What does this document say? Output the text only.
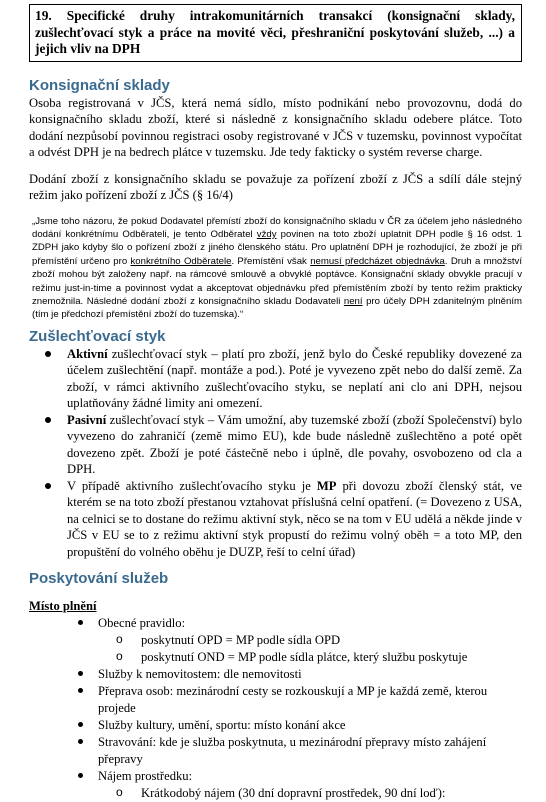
19. Specifické druhy intrakomunitárních transakcí (konsignační sklady, zušlechťovací styk a práce na movité věci, přeshraniční poskytování služeb, ...) a jejich vliv na DPH
Konsignační sklady

Osoba registrovaná v JČS, která nemá sídlo, místo podnikání nebo provozovnu, dodá do konsignačního skladu zboží, které si následně z konsignačního skladu odebere plátce. Toto dodání nezpůsobí povinnou registraci osoby registrované v JČS v tuzemsku, povinnost vypočítat a odvést DPH je na bedrech plátce v tuzemsku. Jde tedy fakticky o systém reverse charge.

Dodání zboží z konsignačního skladu se považuje za pořízení zboží z JČS a sdílí dále stejný režim jako pořízení zboží z JČS (§ 16/4)

„Jsme toho názoru, že pokud Dodavatel přemístí zboží do konsignačního skladu v ČR za účelem jeho následného dodání konkrétnímu Odběrateli, je tento Odběratel vždy povinen na toto zboží uplatnit DPH podle § 16 odst. 1 ZDPH jako kdyby šlo o pořízení zboží z jiného členského státu. Pro uplatnění DPH je rozhodující, že zboží je při přemístění určeno pro konkrétního Odběratele. Přemístění však nemusí předcházet objednávka. Druh a množství zboží mohou být založeny např. na rámcové smlouvě a obvyklé poptávce. Konsignační sklady obvykle pracují v režimu just-in-time a povinnost vydat a akceptovat objednávku před přemístěním zboží by tento režim prakticky znemožnila. Následné dodání zboží z konsignačního skladu Dodavateli není pro účely DPH zdanitelným plněním (tím je předchozí přemístění zboží do tuzemska).“

Zušlechťovací styk
Aktivní zušlechťovací styk – platí pro zboží, jenž bylo do České republiky dovezené za účelem zušlechtění (např. montáže a pod.). Poté je vyvezeno zpět nebo do další země. Za zboží, v rámci aktivního zušlechťovacího styku, se neplatí ani clo ani DPH, nejsou uplatňovány žádné limity ani omezení.
Pasivní zušlechťovací styk – Vám umožní, aby tuzemské zboží (zboží Společenství) bylo vyvezeno do zahraničí (země mimo EU), kde bude následně zušlechtěno a poté opět dovezeno zpět. Zboží je poté částečně nebo i úplně, dle povahy, osvobozeno od cla a DPH.
V případě aktivního zušlechťovacího styku je MP při dovozu zboží členský stát, ve kterém se na toto zboží přestanou vztahovat příslušná celní opatření. (= Dovezeno z USA, na celnici se to dostane do režimu aktivní styk, něco se na tom v EU udělá a někde jinde v JČS v EU se to z režimu aktivní styk propustí do režimu volný oběh = a toto MP, den propuštění do volného oběhu je DUZP, řeší to celní úřad)
Poskytování služeb

Místo plnění

Obecné pravidlo:
o poskytnutí OPD = MP podle sídla OPD
o poskytnutí OND = MP podle sídla plátce, který službu poskytuje
Služby k nemovitostem: dle nemovitosti
Přeprava osob: mezinárodní cesty se rozkouskují a MP je každá země, kterou projede
Služby kultury, umění, sportu: místo konání akce
Stravování: kde je služba poskytnuta, u mezinárodní přepravy místo zahájení přepravy
Nájem prostředku:
o Krátkodobý nájem (30 dní dopravní prostředek, 90 dní loď):
